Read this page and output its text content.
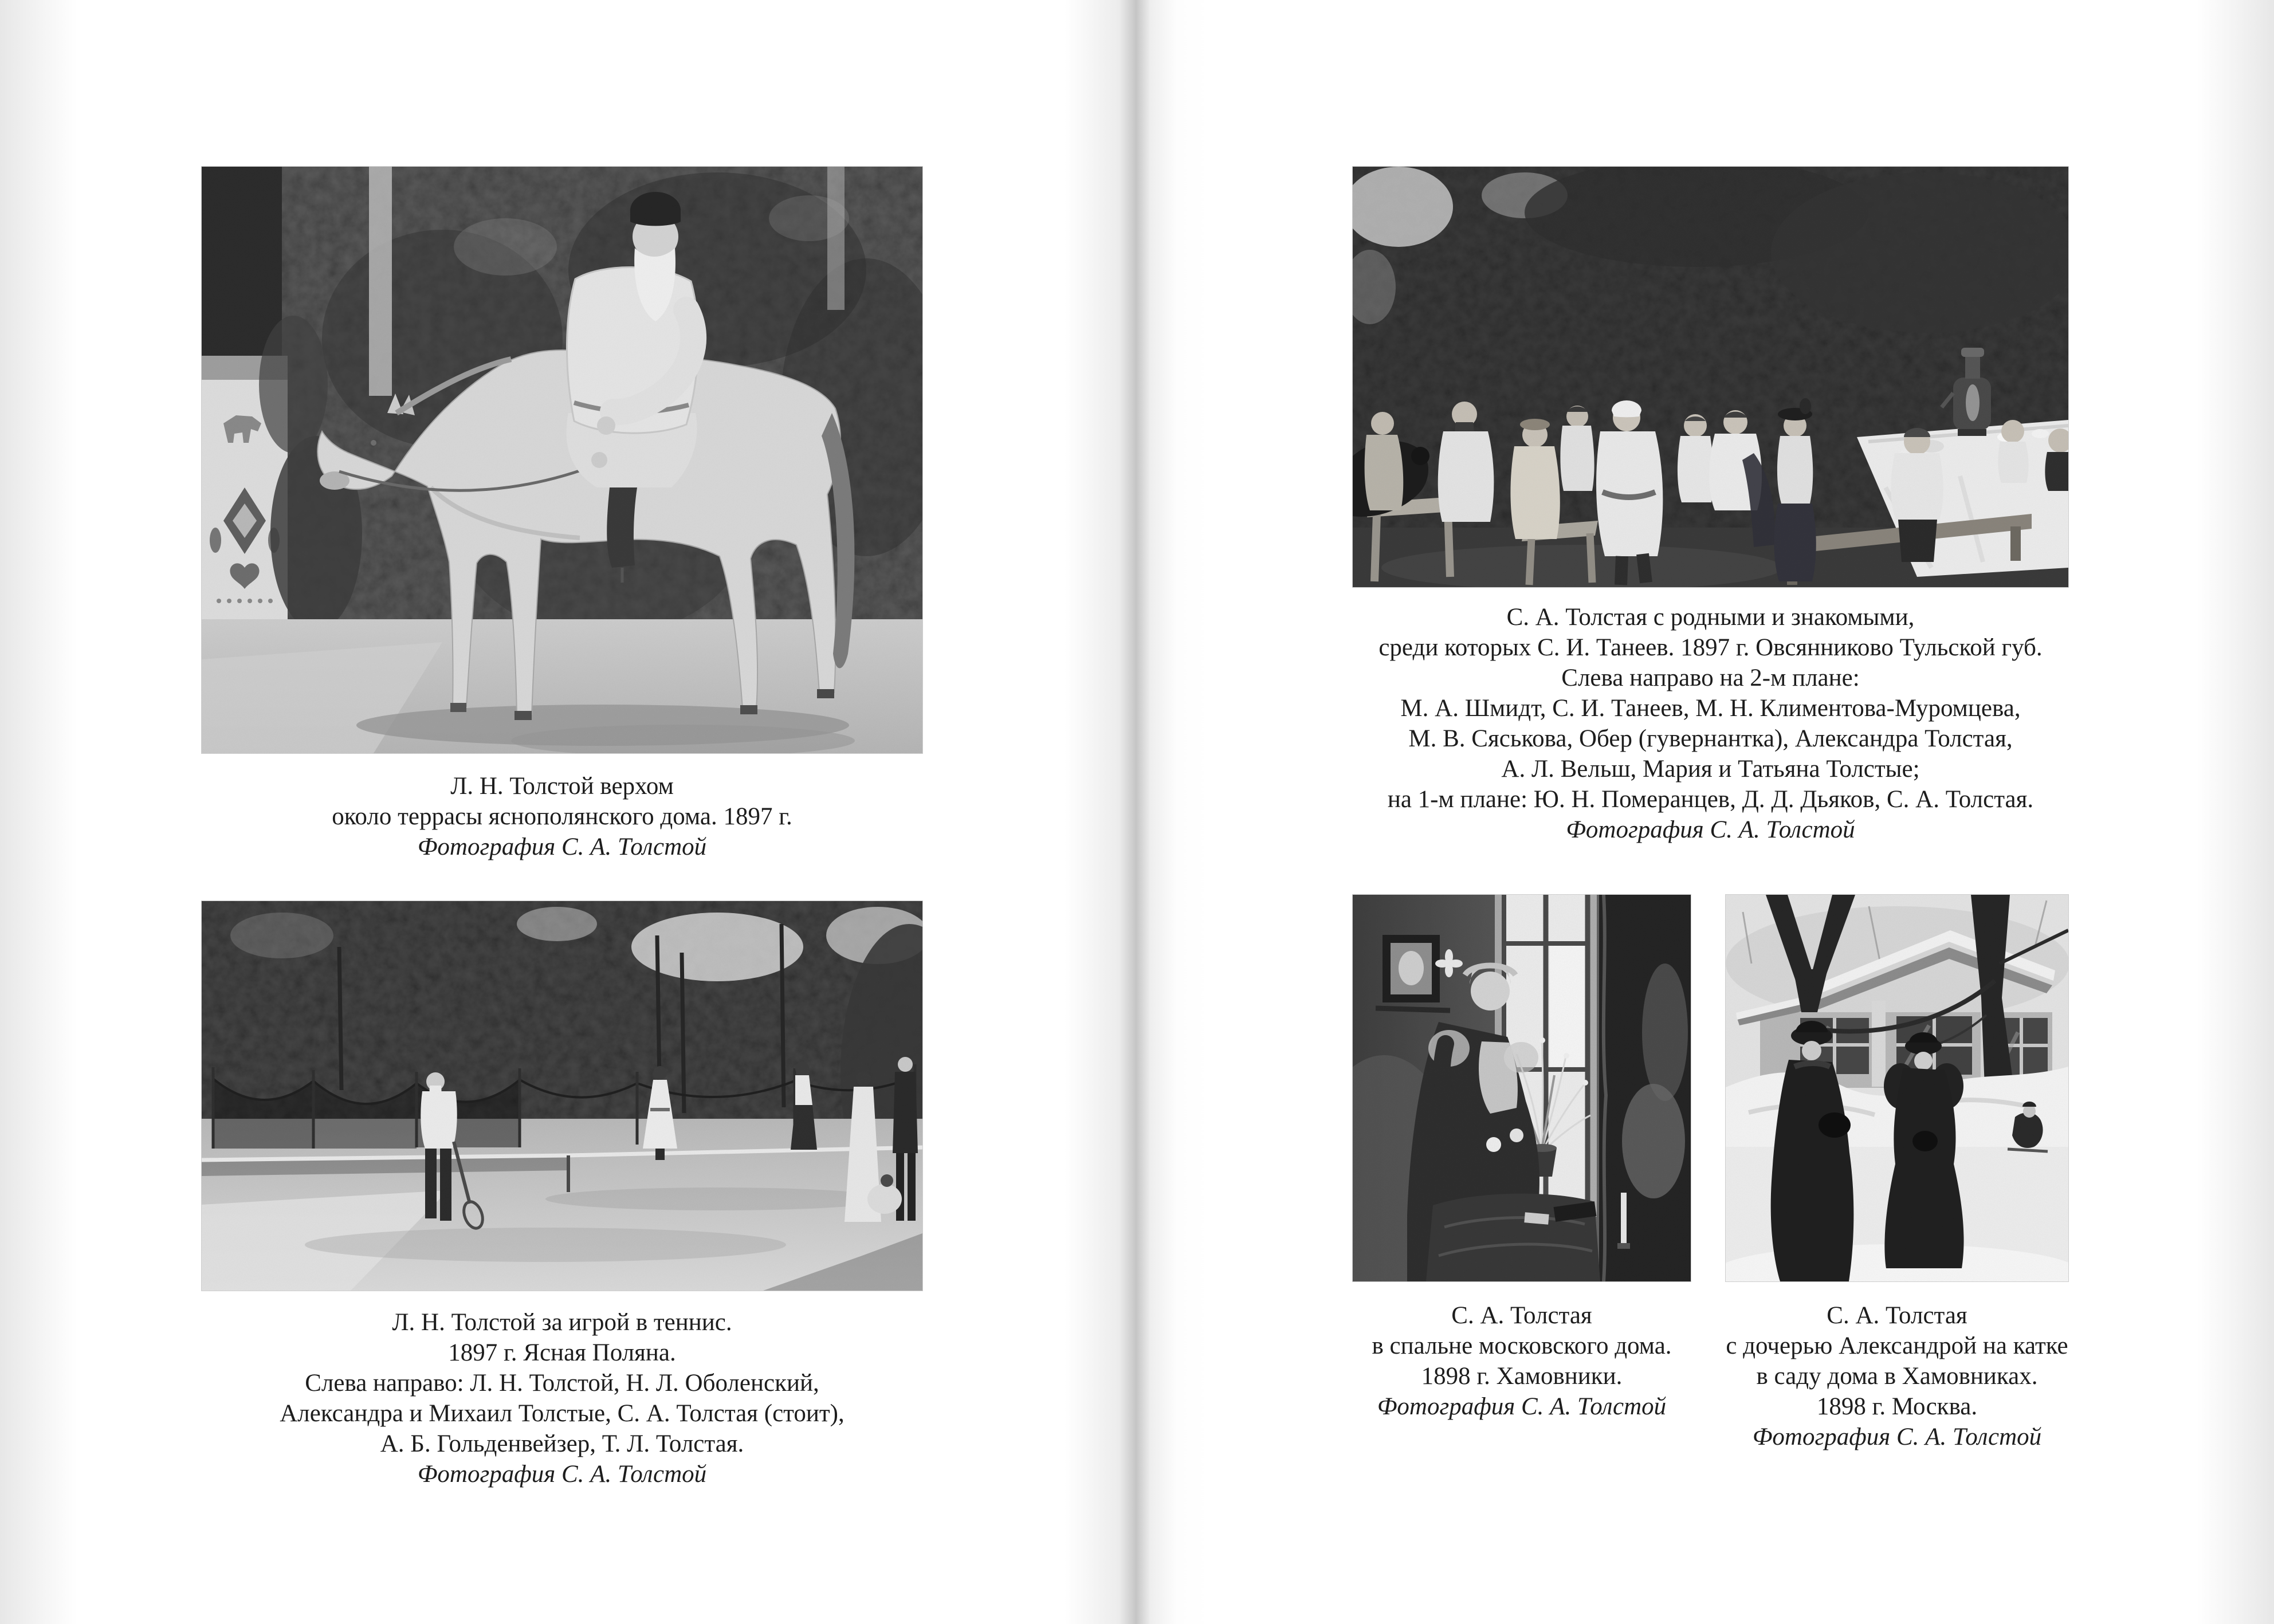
Л. Н. Толстой верхом
около террасы яснополянского дома. 1897 г.
Фотография С. А. Толстой
Л. Н. Толстой за игрой в теннис.
1897 г. Ясная Поляна.
Слева направо: Л. Н. Толстой, Н. Л. Оболенский,
Александра и Михаил Толстые, С. А. Толстая (стоит),
А. Б. Гольденвейзер, Т. Л. Толстая.
Фотография С. А. Толстой
С. А. Толстая с родными и знакомыми,
среди которых С. И. Танеев. 1897 г. Овсянниково Тульской губ.
Слева направо на 2-м плане:
М. А. Шмидт, С. И. Танеев, М. Н. Климентова-Муромцева,
М. В. Сяськова, Обер (гувернантка), Александра Толстая,
А. Л. Вельш, Мария и Татьяна Толстые;
на 1-м плане: Ю. Н. Померанцев, Д. Д. Дьяков, С. А. Толстая.
Фотография С. А. Толстой
С. А. Толстая
в спальне московского дома.
1898 г. Хамовники.
Фотография С. А. Толстой
С. А. Толстая
с дочерью Александрой на катке
в саду дома в Хамовниках.
1898 г. Москва.
Фотография С. А. Толстой
